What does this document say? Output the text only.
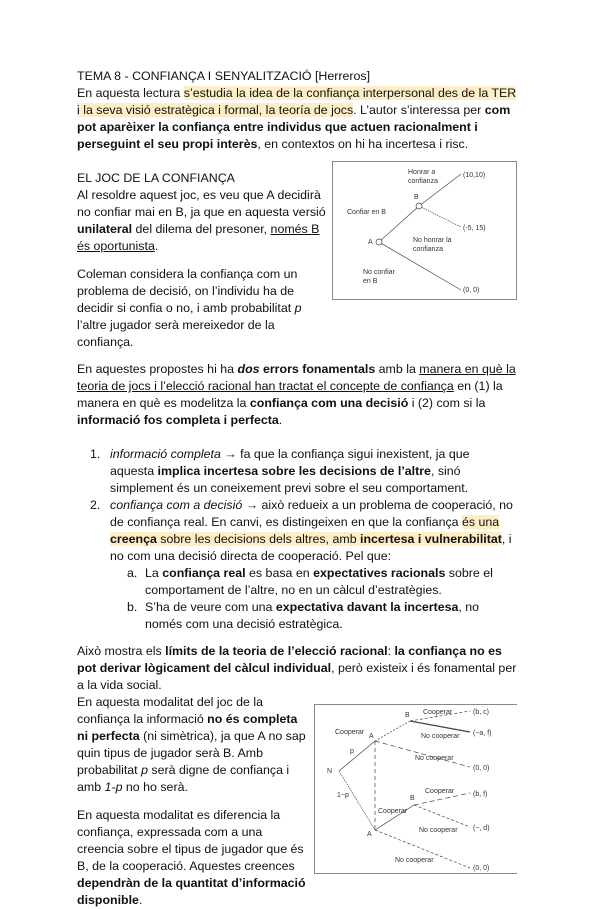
TEMA 8 - CONFIANÇA I SENYALITZACIÓ [Herreros]

En aquesta lectura s’estudia la idea de la confiança interpersonal des de la TER i la seva visió estratègica i formal, la teoría de jocs. L’autor s’interessa per com pot aparèixer la confiança entre individus que actuen racionalment i perseguint el seu propi interès, en contextos on hi ha incertesa i risc.

EL JOC DE LA CONFIANÇA

Al resoldre aquest joc, es veu que A decidirà no confiar mai en B, ja que en aquesta versió unilateral del dilema del presoner, només B és oportunista.

Coleman considera la confiança com un problema de decisió, on l’individu ha de decidir si confia o no, i amb probabilitat p l’altre jugador serà mereixedor de la confiança.

A
B
Confiar en B
No confiar
en B
Honrar a
confianza
No honrar la
confianza
(10,10)
(-5, 15)
(0, 0)

En aquestes propostes hi ha dos errors fonamentals amb la manera en què la teoria de jocs i l’elecció racional han tractat el concepte de confiança en (1) la manera en què es modelitza la confiança com una decisió i (2) com si la informació fos completa i perfecta.

1. informació completa → fa que la confiança sigui inexistent, ja que aquesta implica incertesa sobre les decisions de l’altre, sinó simplement és un coneixement previ sobre el seu comportament.
2. confiança com a decisió → això redueix a un problema de cooperació, no de confiança real. En canvi, es distingeixen en que la confiança és una creença sobre les decisions dels altres, amb incertesa i vulnerabilitat, i no com una decisió directa de cooperació. Pel que:
a. La confiança real es basa en expectatives racionals sobre el comportament de l’altre, no en un càlcul d’estratègies.
b. S’ha de veure com una expectativa davant la incertesa, no només com una decisió estratègica.

Això mostra els límits de la teoria de l’elecció racional: la confiança no es pot derivar lògicament del càlcul individual, però existeix i és fonamental per a la vida social.

En aquesta modalitat del joc de la confiança la informació no és completa ni perfecta (ni simètrica), ja que A no sap quin tipus de jugador serà B. Amb probabilitat p serà digne de confiança i amb 1-p no ho serà.

En aquesta modalitat es diferencia la confiança, expressada com a una creencia sobre el tipus de jugador que és B, de la cooperació. Aquestes creences dependràn de la quantitat d’informació disponible.

N
p
1−p
A
A
B
B
Cooperar
Cooperar
No cooperar
No cooperar
Cooperar
Cooperar
No cooperar
No cooperar
(b, c)
(−a, f)
(0, 0)
(b, f)
(−, d)
(0, 0)
